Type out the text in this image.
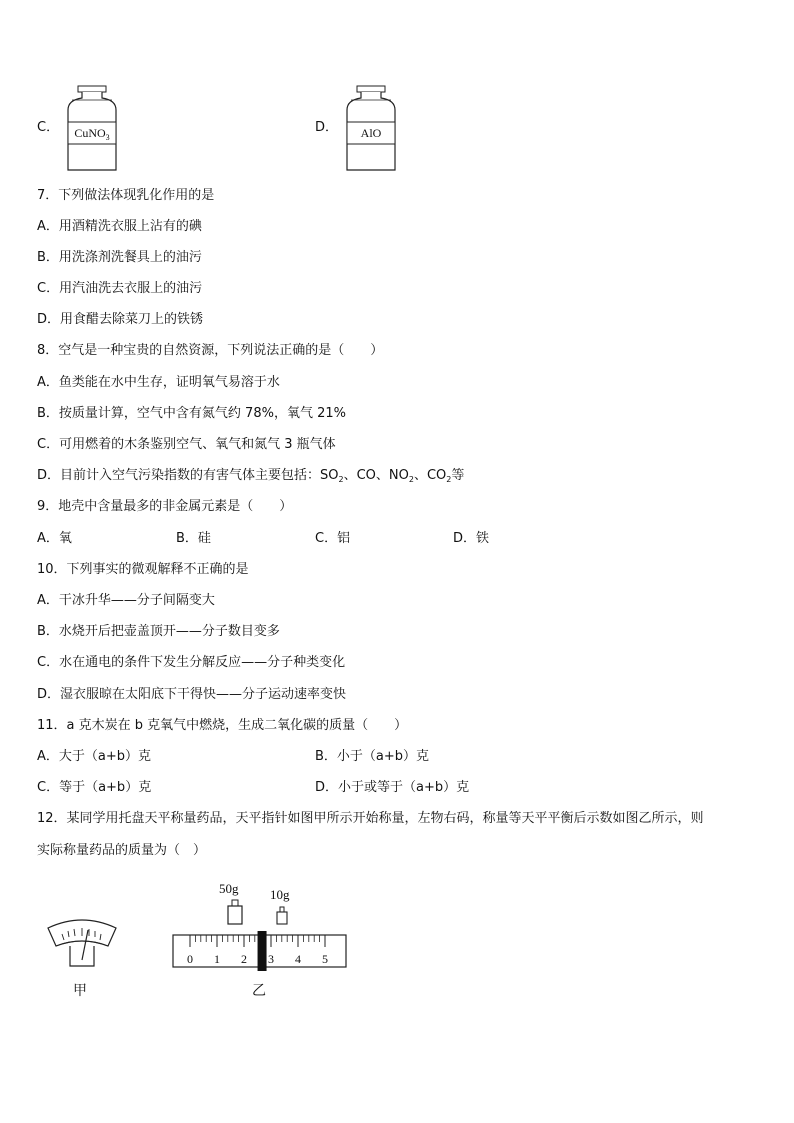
C．	CuNO$_3$
D．	AlO
7．下列做法体现乳化作用的是
A．用酒精洗衣服上沾有的碘
B．用洗涤剂洗餐具上的油污
C．用汽油洗去衣服上的油污
D．用食醋去除菜刀上的铁锈
8．空气是一种宝贵的自然资源，下列说法正确的是（　　）
A．鱼类能在水中生存，证明氧气易溶于水
B．按质量计算，空气中含有氮气约 78%，氧气 21%
C．可用燃着的木条鉴别空气、氧气和氮气 3 瓶气体
D．目前计入空气污染指数的有害气体主要包括：$SO_2$、CO、$NO_2$、$CO_2$等
9．地壳中含量最多的非金属元素是（　　）
A．氧	B．硅	C．铝	D．铁
10．下列事实的微观解释不正确的是
A．干冰升华——分子间隔变大
B．水烧开后把壶盖顶开——分子数目变多
C．水在通电的条件下发生分解反应——分子种类变化
D．湿衣服晾在太阳底下干得快——分子运动速率变快
11．a 克木炭在 b 克氧气中燃烧，生成二氧化碳的质量（　　）
A．大于（a+b）克	B．小于（a+b）克
C．等于（a+b）克	D．小于或等于（a+b）克
12．某同学用托盘天平称量药品，天平指针如图甲所示开始称量，左物右码，称量等天平平衡后示数如图乙所示，则
实际称量药品的质量为（　）
甲
50g 10g
0 1 2 3 4 5
乙
